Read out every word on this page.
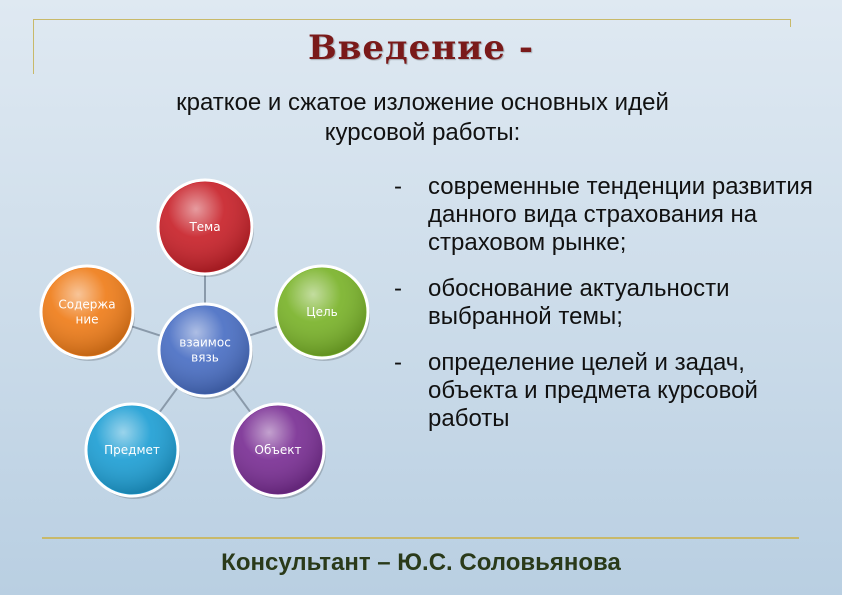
Введение -
краткое и сжатое изложение основных идей
курсовой работы:
Тема
Цель
Объект
Предмет
Содержа
ние
взаимос
вязь
-	современные тенденции развития данного вида страхования на страховом рынке;
-	обоснование актуальности выбранной темы;
-	определение целей и задач, объекта и предмета курсовой работы
Консультант – Ю.С. Соловьянова
